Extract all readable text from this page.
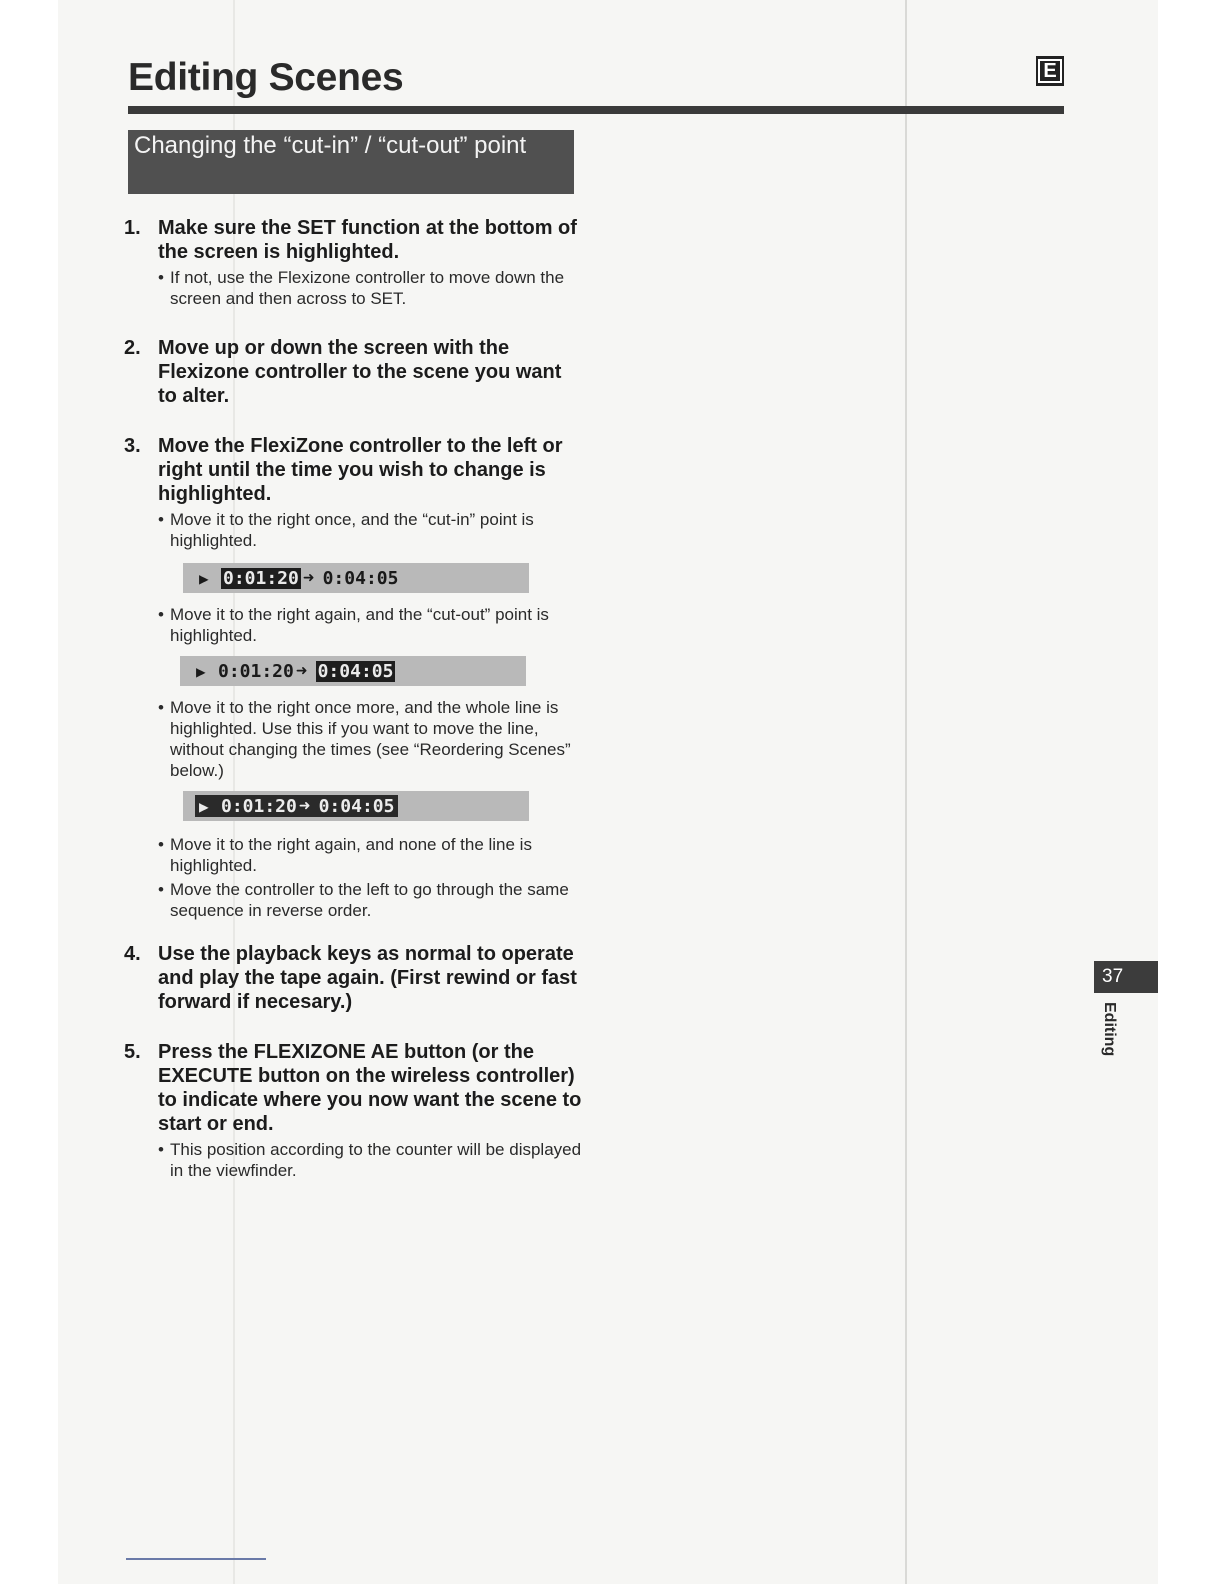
Editing Scenes	E
Changing the “cut-in” / “cut-out” point
1. Make sure the SET function at the bottom of the screen is highlighted.
• If not, use the Flexizone controller to move down the screen and then across to SET.
2. Move up or down the screen with the Flexizone controller to the scene you want to alter.
3. Move the FlexiZone controller to the left or right until the time you wish to change is highlighted.
• Move it to the right once, and the “cut-in” point is highlighted.
▶ 0:01:20 ➜ 0:04:05
• Move it to the right again, and the “cut-out” point is highlighted.
▶ 0:01:20 ➜ 0:04:05
• Move it to the right once more, and the whole line is highlighted. Use this if you want to move the line, without changing the times (see “Reordering Scenes” below.)
▶ 0:01:20 ➜ 0:04:05
• Move it to the right again, and none of the line is highlighted.
• Move the controller to the left to go through the same sequence in reverse order.
4. Use the playback keys as normal to operate and play the tape again. (First rewind or fast forward if necesary.)
5. Press the FLEXIZONE AE button (or the EXECUTE button on the wireless controller) to indicate where you now want the scene to start or end.
• This position according to the counter will be displayed in the viewfinder.
37
Editing
